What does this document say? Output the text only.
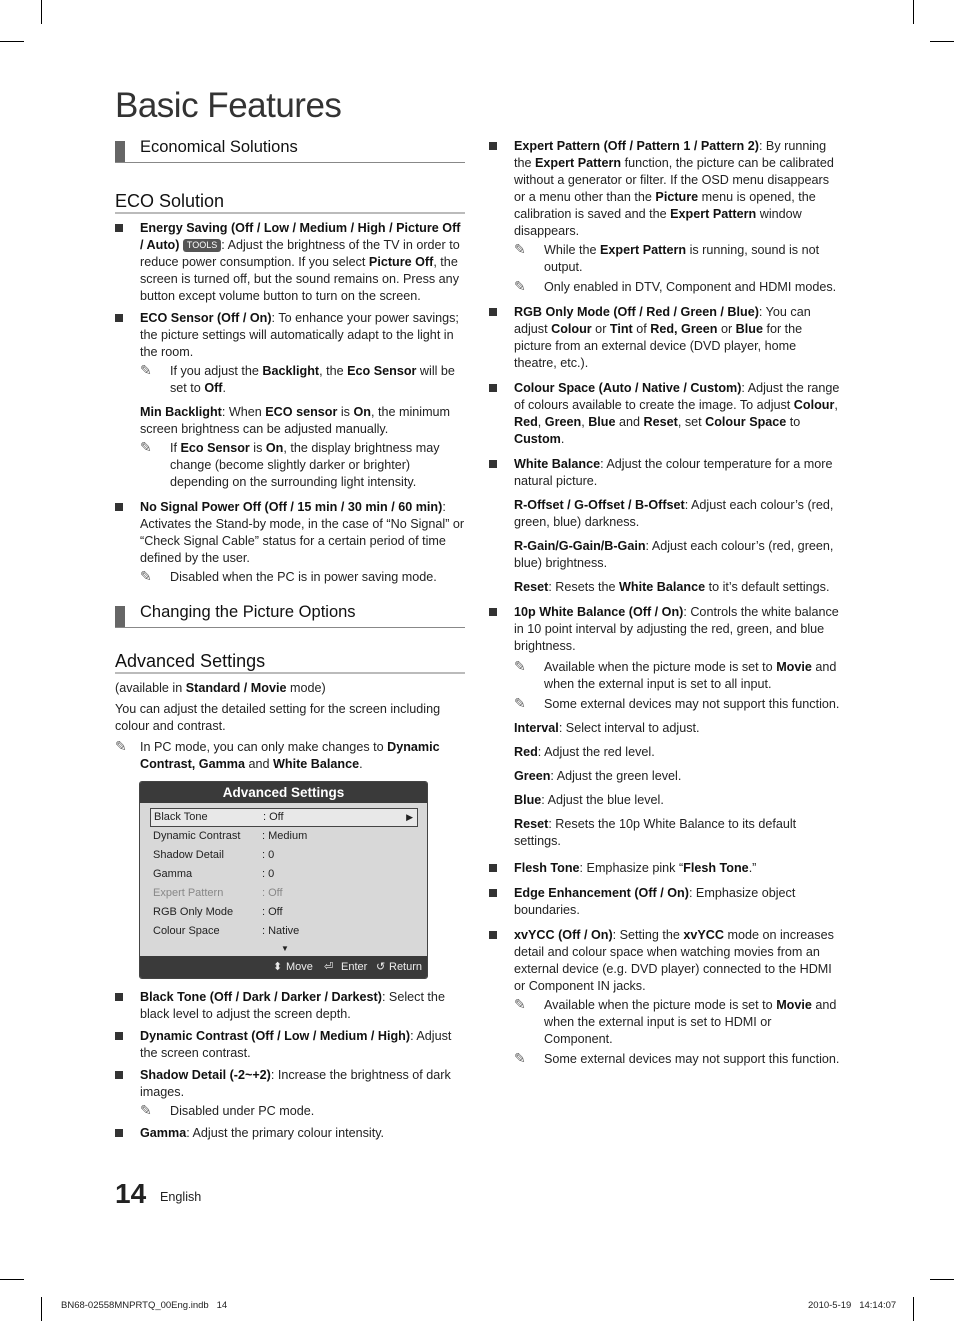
Basic Features
Economical Solutions
ECO Solution
Energy Saving (Off / Low / Medium / High / Picture Off / Auto) TOOLS : Adjust the brightness of the TV in order to reduce power consumption. If you select Picture Off, the screen is turned off, but the sound remains on. Press any button except volume button to turn on the screen.
ECO Sensor (Off / On): To enhance your power savings; the picture settings will automatically adapt to the light in the room.
✎ If you adjust the Backlight, the Eco Sensor will be set to Off.
Min Backlight: When ECO sensor is On, the minimum screen brightness can be adjusted manually.
✎ If Eco Sensor is On, the display brightness may change (become slightly darker or brighter) depending on the surrounding light intensity.
No Signal Power Off (Off / 15 min / 30 min / 60 min): Activates the Stand-by mode, in the case of “No Signal” or “Check Signal Cable” status for a certain period of time defined by the user.
✎ Disabled when the PC is in power saving mode.
Changing the Picture Options
Advanced Settings
(available in Standard / Movie mode)
You can adjust the detailed setting for the screen including colour and contrast.
✎ In PC mode, you can only make changes to Dynamic Contrast, Gamma and White Balance.
Advanced Settings
Black Tone	: Off	▶
Dynamic Contrast : Medium
Shadow Detail	: 0
Gamma	: 0
Expert Pattern	: Off
RGB Only Mode	: Off
Colour Space	: Native
▼
⬍ Move ⏎ Enter ↺ Return
Black Tone (Off / Dark / Darker / Darkest): Select the black level to adjust the screen depth.
Dynamic Contrast (Off / Low / Medium / High): Adjust the screen contrast.
Shadow Detail (-2~+2): Increase the brightness of dark images.
✎ Disabled under PC mode.
Gamma: Adjust the primary colour intensity.
Expert Pattern (Off / Pattern 1 / Pattern 2): By running the Expert Pattern function, the picture can be calibrated without a generator or filter. If the OSD menu disappears or a menu other than the Picture menu is opened, the calibration is saved and the Expert Pattern window disappears.
✎ While the Expert Pattern is running, sound is not output.
✎ Only enabled in DTV, Component and HDMI modes.
RGB Only Mode (Off / Red / Green / Blue): You can adjust Colour or Tint of Red, Green or Blue for the picture from an external device (DVD player, home theatre, etc.).
Colour Space (Auto / Native / Custom): Adjust the range of colours available to create the image. To adjust Colour, Red, Green, Blue and Reset, set Colour Space to Custom.
White Balance: Adjust the colour temperature for a more natural picture.
R-Offset / G-Offset / B-Offset: Adjust each colour’s (red, green, blue) darkness.
R-Gain/G-Gain/B-Gain: Adjust each colour’s (red, green, blue) brightness.
Reset: Resets the White Balance to it’s default settings.
10p White Balance (Off / On): Controls the white balance in 10 point interval by adjusting the red, green, and blue brightness.
✎ Available when the picture mode is set to Movie and when the external input is set to all input.
✎ Some external devices may not support this function.
Interval: Select interval to adjust.
Red: Adjust the red level.
Green: Adjust the green level.
Blue: Adjust the blue level.
Reset: Resets the 10p White Balance to its default settings.
Flesh Tone: Emphasize pink “Flesh Tone.”
Edge Enhancement (Off / On): Emphasize object boundaries.
xvYCC (Off / On): Setting the xvYCC mode on increases detail and colour space when watching movies from an external device (e.g. DVD player) connected to the HDMI or Component IN jacks.
✎ Available when the picture mode is set to Movie and when the external input is set to HDMI or Component.
✎ Some external devices may not support this function.
14 English
BN68-02558MNPRTQ_00Eng.indb   14	2010-5-19   14:14:07
